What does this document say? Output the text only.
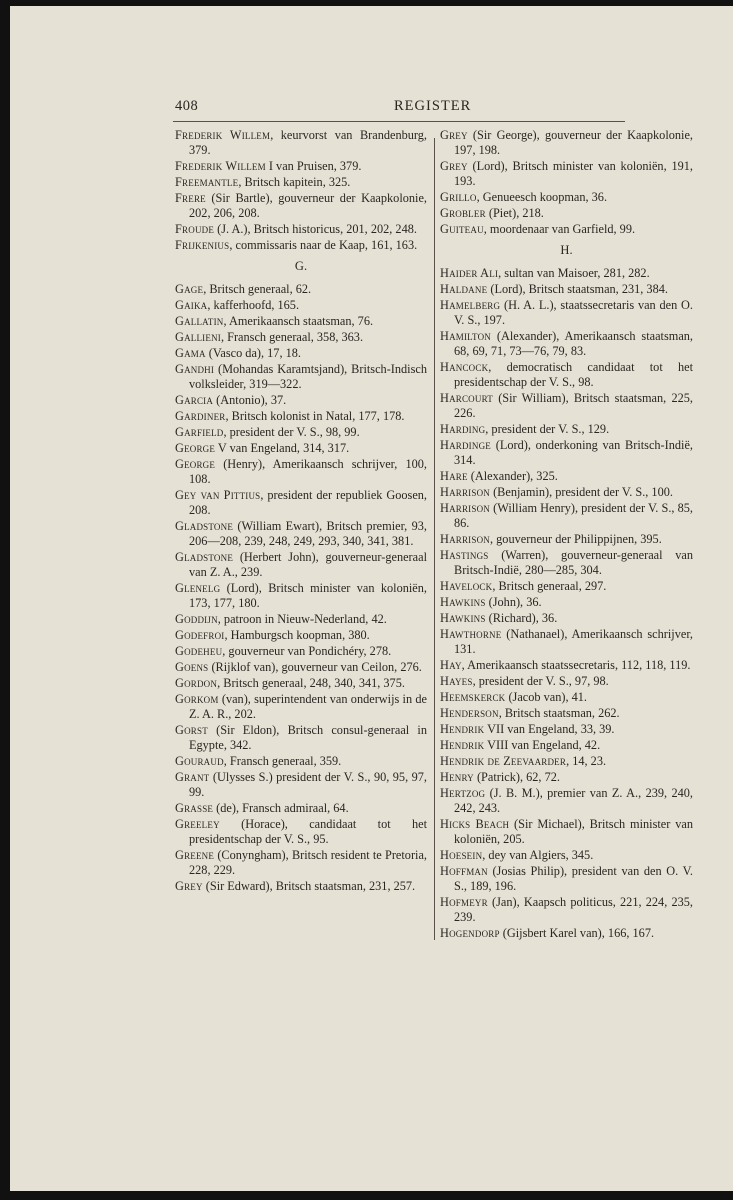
408	REGISTER
Frederik Willem, keurvorst van Brandenburg, 379.
Frederik Willem I van Pruisen, 379.
Freemantle, Britsch kapitein, 325.
Frere (Sir Bartle), gouverneur der Kaapkolonie, 202, 206, 208.
Froude (J. A.), Britsch historicus, 201, 202, 248.
Frijkenius, commissaris naar de Kaap, 161, 163.
G.
Gage, Britsch generaal, 62.
Gaika, kafferhoofd, 165.
Gallatin, Amerikaansch staatsman, 76.
Gallieni, Fransch generaal, 358, 363.
Gama (Vasco da), 17, 18.
Gandhi (Mohandas Karamtsjand), Britsch-Indisch volksleider, 319—322.
Garcia (Antonio), 37.
Gardiner, Britsch kolonist in Natal, 177, 178.
Garfield, president der V. S., 98, 99.
George V van Engeland, 314, 317.
George (Henry), Amerikaansch schrijver, 100, 108.
Gey van Pittius, president der republiek Goosen, 208.
Gladstone (William Ewart), Britsch premier, 93, 206—208, 239, 248, 249, 293, 340, 341, 381.
Gladstone (Herbert John), gouverneur-generaal van Z. A., 239.
Glenelg (Lord), Britsch minister van koloniën, 173, 177, 180.
Goddijn, patroon in Nieuw-Nederland, 42.
Godefroi, Hamburgsch koopman, 380.
Godeheu, gouverneur van Pondichéry, 278.
Goens (Rijklof van), gouverneur van Ceilon, 276.
Gordon, Britsch generaal, 248, 340, 341, 375.
Gorkom (van), superintendent van onderwijs in de Z. A. R., 202.
Gorst (Sir Eldon), Britsch consul-generaal in Egypte, 342.
Gouraud, Fransch generaal, 359.
Grant (Ulysses S.) president der V. S., 90, 95, 97, 99.
Grasse (de), Fransch admiraal, 64.
Greeley (Horace), candidaat tot het presidentschap der V. S., 95.
Greene (Conyngham), Britsch resident te Pretoria, 228, 229.
Grey (Sir Edward), Britsch staatsman, 231, 257.
Grey (Sir George), gouverneur der Kaapkolonie, 197, 198.
Grey (Lord), Britsch minister van koloniën, 191, 193.
Grillo, Genueesch koopman, 36.
Grobler (Piet), 218.
Guiteau, moordenaar van Garfield, 99.
H.
Haider Ali, sultan van Maisoer, 281, 282.
Haldane (Lord), Britsch staatsman, 231, 384.
Hamelberg (H. A. L.), staatssecretaris van den O. V. S., 197.
Hamilton (Alexander), Amerikaansch staatsman, 68, 69, 71, 73—76, 79, 83.
Hancock, democratisch candidaat tot het presidentschap der V. S., 98.
Harcourt (Sir William), Britsch staatsman, 225, 226.
Harding, president der V. S., 129.
Hardinge (Lord), onderkoning van Britsch-Indië, 314.
Hare (Alexander), 325.
Harrison (Benjamin), president der V. S., 100.
Harrison (William Henry), president der V. S., 85, 86.
Harrison, gouverneur der Philippijnen, 395.
Hastings (Warren), gouverneur-generaal van Britsch-Indië, 280—285, 304.
Havelock, Britsch generaal, 297.
Hawkins (John), 36.
Hawkins (Richard), 36.
Hawthorne (Nathanael), Amerikaansch schrijver, 131.
Hay, Amerikaansch staatssecretaris, 112, 118, 119.
Hayes, president der V. S., 97, 98.
Heemskerck (Jacob van), 41.
Henderson, Britsch staatsman, 262.
Hendrik VII van Engeland, 33, 39.
Hendrik VIII van Engeland, 42.
Hendrik de Zeevaarder, 14, 23.
Henry (Patrick), 62, 72.
Hertzog (J. B. M.), premier van Z. A., 239, 240, 242, 243.
Hicks Beach (Sir Michael), Britsch minister van koloniën, 205.
Hoesein, dey van Algiers, 345.
Hoffman (Josias Philip), president van den O. V. S., 189, 196.
Hofmeyr (Jan), Kaapsch politicus, 221, 224, 235, 239.
Hogendorp (Gijsbert Karel van), 166, 167.
